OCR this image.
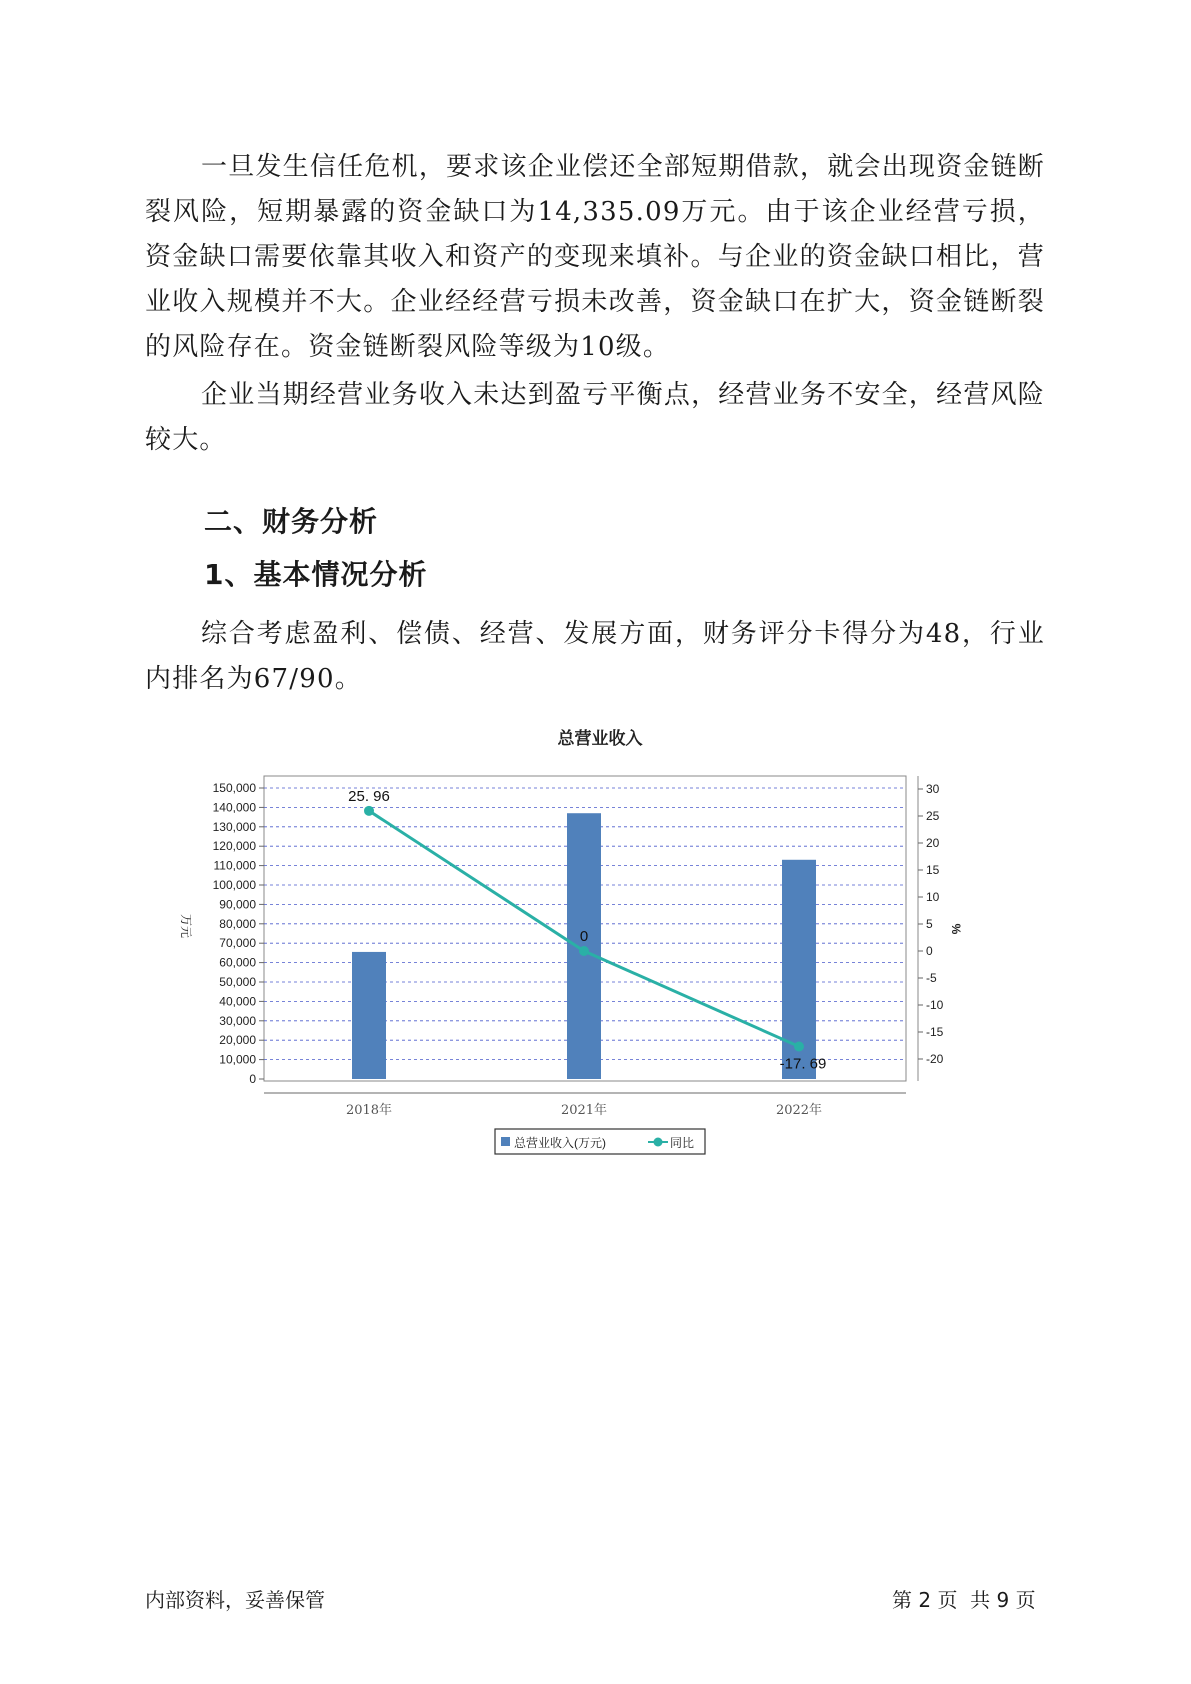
一旦发生信任危机，要求该企业偿还全部短期借款，就会出现资金链断裂风险，短期暴露的资金缺口为14,335.09万元。由于该企业经营亏损，资金缺口需要依靠其收入和资产的变现来填补。与企业的资金缺口相比，营业收入规模并不大。企业经经营亏损未改善，资金缺口在扩大，资金链断裂的风险存在。资金链断裂风险等级为10级。

企业当期经营业务收入未达到盈亏平衡点，经营业务不安全，经营风险较大。

二、财务分析
1、基本情况分析

综合考虑盈利、偿债、经营、发展方面，财务评分卡得分为48，行业内排名为67/90。

总营业收入
0
10,000
20,000
30,000
40,000
50,000
60,000
70,000
80,000
90,000
100,000
110,000
120,000
130,000
140,000
150,000	30
25
20
15
10
5
0
-5
-10
-15
-20
25. 96
0
-17. 69
2018年	2021年	2022年
万元	%
总营业收入(万元)	同比
内部资料，妥善保管	第 2 页  共 9 页
